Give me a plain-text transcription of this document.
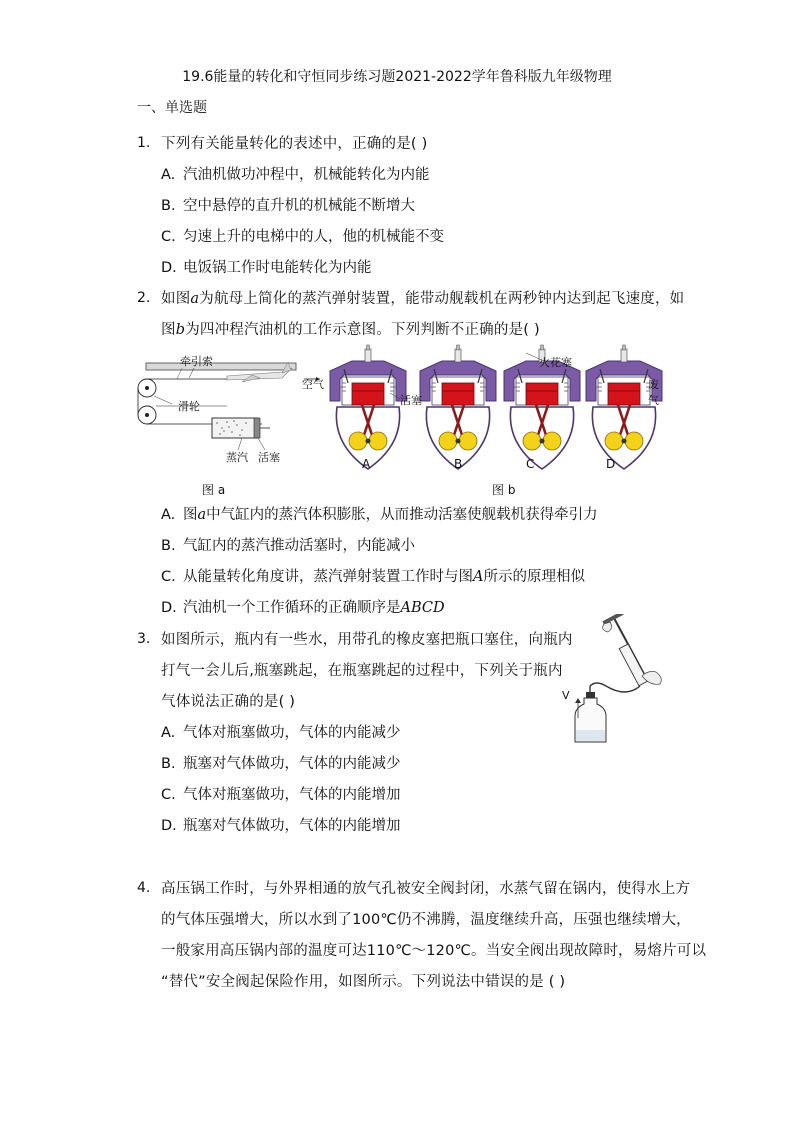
19.6能量的转化和守恒同步练习题2021-2022学年鲁科版九年级物理
一、单选题
1. 下列有关能量转化的表述中，正确的是( )
A. 汽油机做功冲程中，机械能转化为内能
B. 空中悬停的直升机的机械能不断增大
C. 匀速上升的电梯中的人，他的机械能不变
D. 电饭锅工作时电能转化为内能
2. 如图a为航母上简化的蒸汽弹射装置，能带动舰载机在两秒钟内达到起飞速度，如
图b为四冲程汽油机的工作示意图。下列判断不正确的是( )
牵引索
滑轮
蒸汽 活塞
图 a
空气
活塞
火花塞
废
气
A	B	C	D
图 b
A. 图a中气缸内的蒸汽体积膨胀，从而推动活塞使舰载机获得牵引力
B. 气缸内的蒸汽推动活塞时，内能减小
C. 从能量转化角度讲，蒸汽弹射装置工作时与图A所示的原理相似
D. 汽油机一个工作循环的正确顺序是ABCD
3. 如图所示，瓶内有一些水，用带孔的橡皮塞把瓶口塞住，向瓶内
打气一会儿后,瓶塞跳起，在瓶塞跳起的过程中，下列关于瓶内
气体说法正确的是( )	V
A. 气体对瓶塞做功，气体的内能减少
B. 瓶塞对气体做功，气体的内能减少
C. 气体对瓶塞做功，气体的内能增加
D. 瓶塞对气体做功，气体的内能增加
4. 高压锅工作时，与外界相通的放气孔被安全阀封闭，水蒸气留在锅内，使得水上方
的气体压强增大，所以水到了100℃仍不沸腾，温度继续升高，压强也继续增大，
一般家用高压锅内部的温度可达110℃～120℃。当安全阀出现故障时，易熔片可以
“替代”安全阀起保险作用，如图所示。下列说法中错误的是 ( )
